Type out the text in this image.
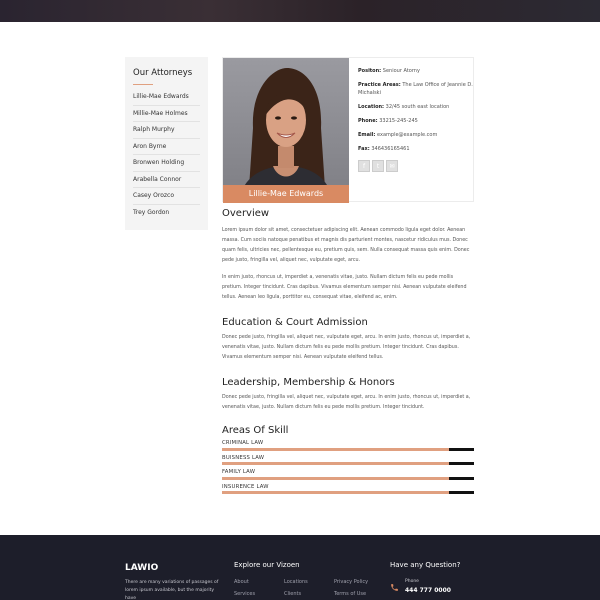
Our Attorneys
Lillie-Mae Edwards
Millie-Mae Holmes
Ralph Murphy
Aron Byrne
Bronwen Holding
Arabella Connor
Casey Orozco
Trey Gordon
Lillie-Mae Edwards
Positon: Seniour Atorny
Practice Areas: The Law Office of Jeannie D. Michalski
Location: 32/45 south east location
Phone: 33215-245-245
Email: example@example.com
Fax: 346436165461
f	t	✉
Overview

Lorem ipsum dolor sit amet, consectetuer adipiscing elit. Aenean commodo ligula eget dolor. Aenean massa. Cum sociis natoque penatibus et magnis dis parturient montes, nascetur ridiculus mus. Donec quam felis, ultricies nec, pellentesque eu, pretium quis, sem. Nulla consequat massa quis enim. Donec pede justo, fringilla vel, aliquet nec, vulputate eget, arcu.

In enim justo, rhoncus ut, imperdiet a, venenatis vitae, justo. Nullam dictum felis eu pede mollis pretium. Integer tincidunt. Cras dapibus. Vivamus elementum semper nisi. Aenean vulputate eleifend tellus. Aenean leo ligula, porttitor eu, consequat vitae, eleifend ac, enim.

Education & Court Admission

Donec pede justo, fringilla vel, aliquet nec, vulputate eget, arcu. In enim justo, rhoncus ut, imperdiet a, venenatis vitae, justo. Nullam dictum felis eu pede mollis pretium. Integer tincidunt. Cras dapibus. Vivamus elementum semper nisi. Aenean vulputate eleifend tellus.

Leadership, Membership & Honors

Donec pede justo, fringilla vel, aliquet nec, vulputate eget, arcu. In enim justo, rhoncus ut, imperdiet a, venenatis vitae, justo. Nullam dictum felis eu pede mollis pretium. Integer tincidunt.

Areas Of Skill
CRIMINAL LAW
BUISNESS LAW
FAMILY LAW
INSURENCE LAW
LAWIO
There are many variations of passages of lorem ipsum available, but the majority have
Explore our Vizoen
About	Locations	Privacy Policy
Services	Clients	Terms of Use
Have any Question?
Phone
444 777 0000
